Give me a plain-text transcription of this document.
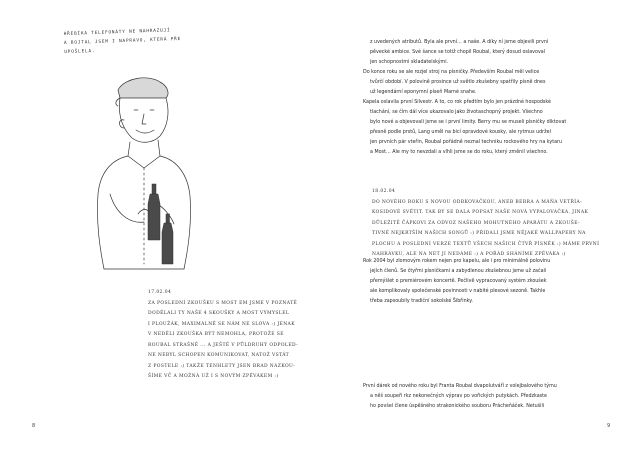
HŘEBÍKA TELEFONÁTY NE NAHRAZUJÍ
A BOJTAL JSEM I NAPRAVO, KTERÁ PŘE
UPOŠLELA.
17.02.04
ZA POSLEDNÍ ZKOUŠKU S MOST EM JSME V POZNATĚ
DODĚLALI TY NAŠE 4 SKOUŠKY A MOST VYMYSLEL
I PLOUŽÁK, MAXIMÁLNĚ SE NÁM NE SLOVA :) JENAK
V NEDĚLI ZKOUŠKA BÝT NEMOHLA, PROTOŽE SE
ROUBAL STRAŠNĚ ... A JEŠTĚ V PŮLDRUHÝ ODPOLED-
NE NEBYL SCHOPEN KOMUNIKOVAT, NATOŽ VSTÁT
Z POSTELE :) TAKŽE TENHLETY JSEN BRAD NAZKOU-
ŠÍME VČ A MOŽNÁ UŽ I S NOVÝM ZPĚVÁKEM :)
8
z uvedených atributů. Byla ale první… a naše. A díky ní jsme objevili první
pěvecké ambice. Své šance se totiž chopil Roubal, který dosud oslavoval
jen schopnostmi skladatelskými.
Do konce roku se ale rozjel stroj na písničky. Především Roubal měl velice
tvůrčí období. V polovině prosince už světlo zkušebny spatřily písně dnes
už legendární eponymní píseň Marné snahe.
Kapela oslavila první Silvestr. A to, co rok předtím bylo jen prázdné hospodské
tlachání, se čím dál více ukazovalo jako životaschopný projekt. Všechno
bylo nové a objevovali jsme se i první limity. Berry mu se museli písničky diktovat
přesně podle prstů, Lang uměl na bicí opravdové kousky, ale rytmus udržel
jen prvních pár vteřin, Roubal pořádně neznal techniku rockového hry na kytaru
a Most… Ale my to nevzdali a vlhli jsme se do roku, který změnil všechno.
18.02.04
DO NOVÉHO ROKU S NOVOU ODBKOVAČKOU, ANEB BERRA A MÁŇA VETŘÍA-
KOSIDOVÉ SVĚTIT. TAK BY SE DALA POPSAT NAŠE NOVÁ VYPALOVAČKA. JINAK
DŮLEŽITĚ ČÁPKOVI ZA ODVOZ NAŠEHO MOHUTNÉHO APARÁTU A ZKOUŠE-
TIVNĚ NEJKRTŠÍM NAŠICH SONGŮ :) PŘIDALI JSME NĚJAKÉ WALLPAPERY NA
PLOCHU A POSLEDNÍ VERZE TEXTŮ VŠECH NAŠICH ČTVŘ PÍSNĚK :) MÁME PRVNÍ
NAHRÁVKU, ALE NA NET JI NEDÁME :) A POŘÁD SHÁNÍME ZPĚVÁKA :)
Rok 2004 byl zlomovým rokem nejen pro kapelu, ale i pro minimálně polovinu
jejích členů. Se čtyřmi písničkami a zabydlenou zkušebnou jsme už začali
přemýšlet o premiérovém koncertě. Pečlivě vypracovaný systém zkoušek
ale komplikovaly společenské povinnosti v nabité plesové sezoně. Takhle
třeba zapsoubily tradiční sokolské Šibřinky.
První dárek od nového roku byl Franta Roubal dvapolutváří z volejbalového týmu
a něš soupeři rkz nekonečných výprav po vořických putykách. Předzkaste
ho povšel člene úspěšného strakonického souboru Prácheňáček. Netušili
9
